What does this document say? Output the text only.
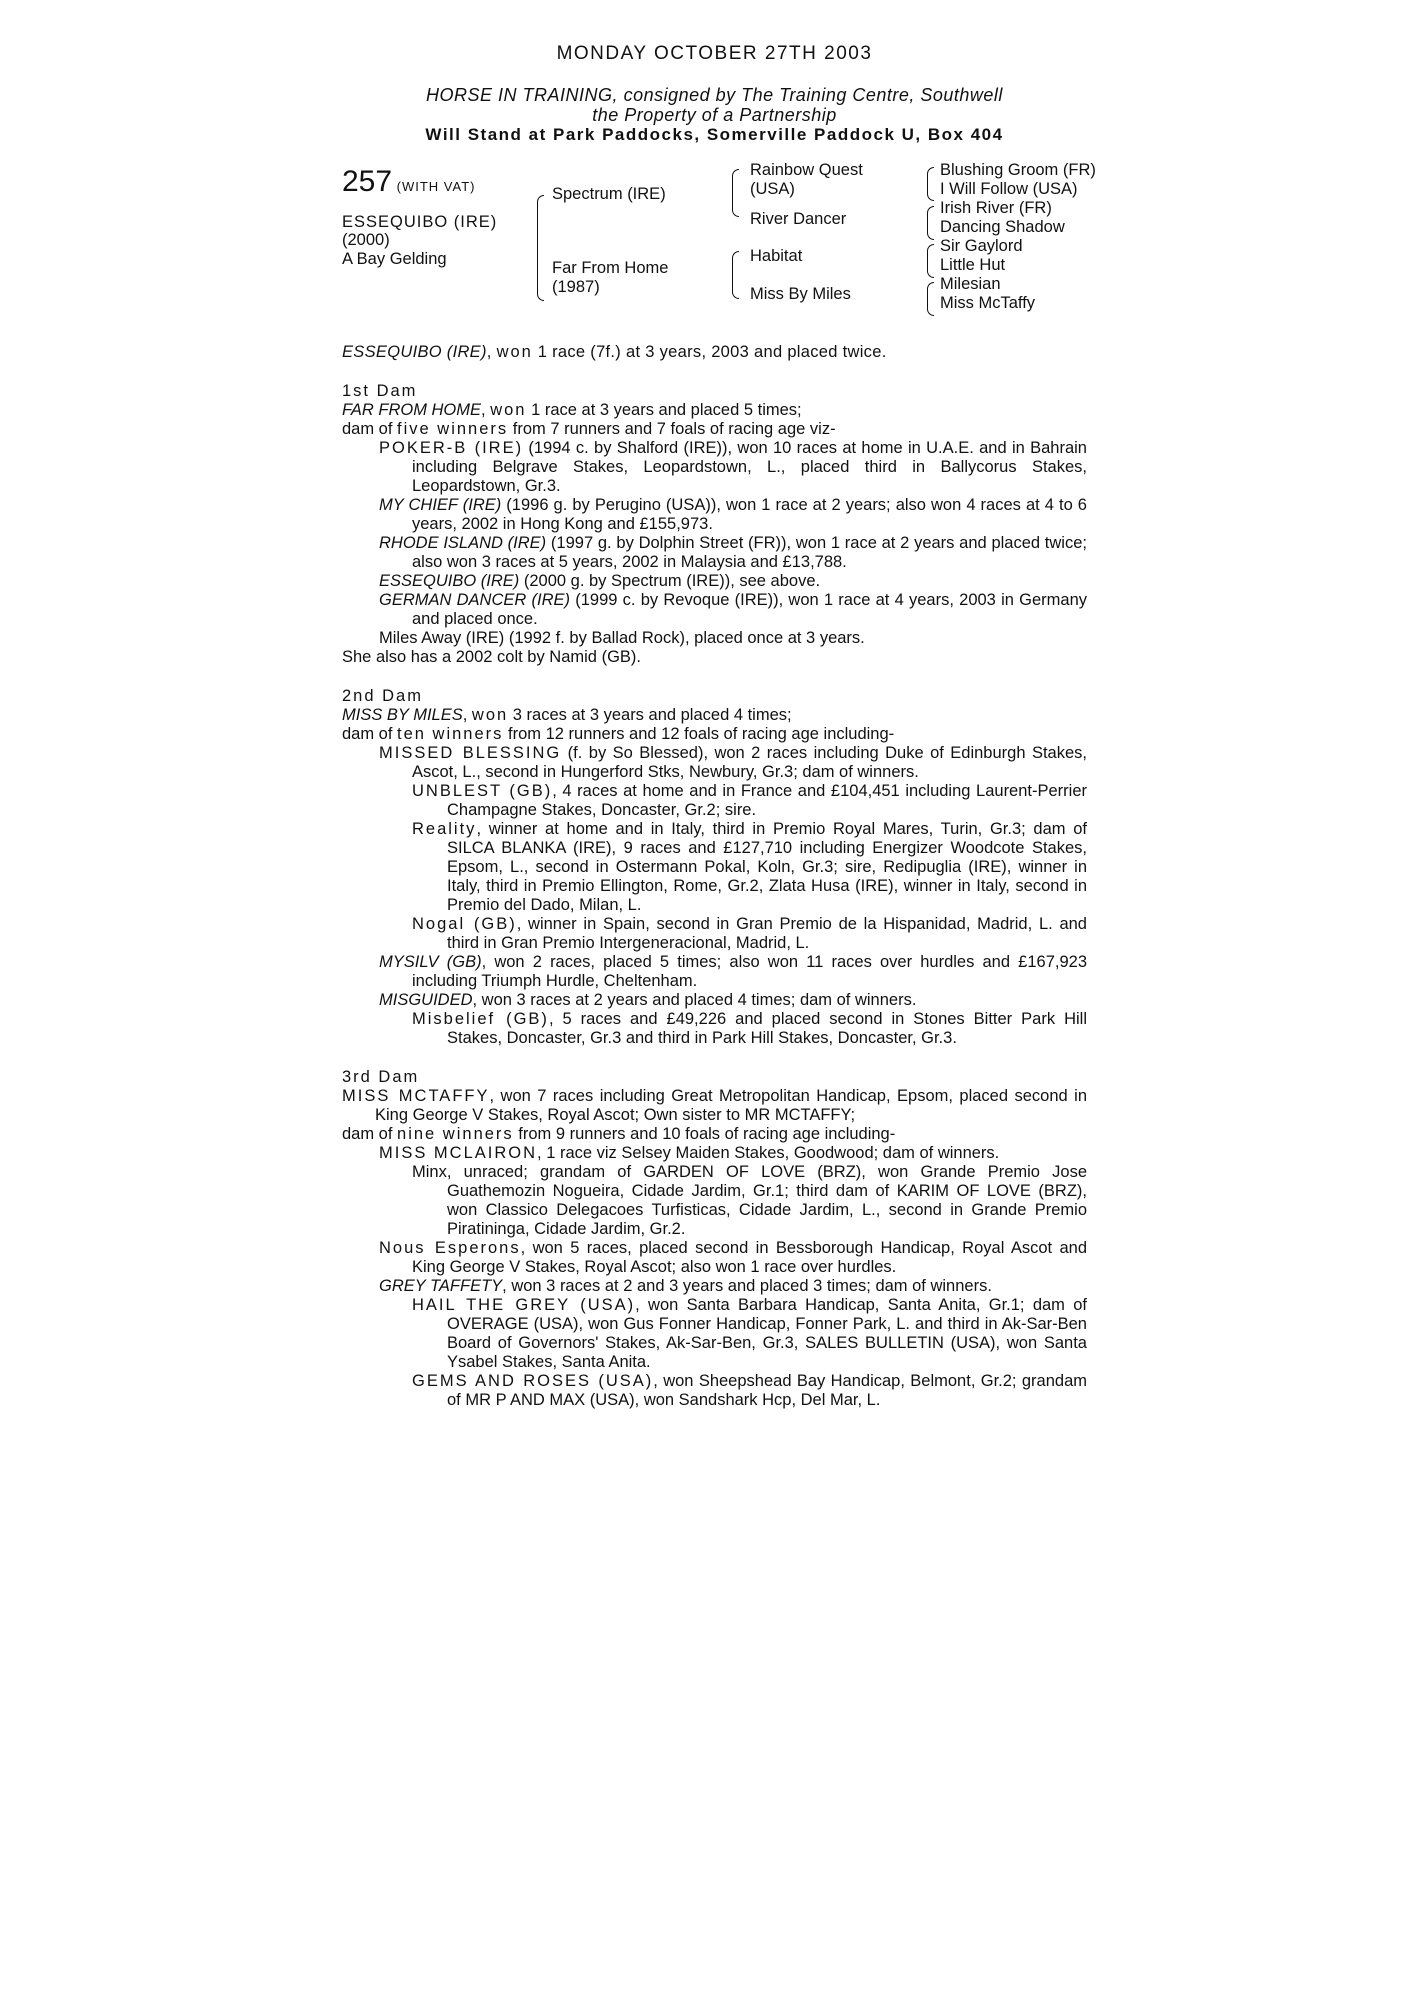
MONDAY OCTOBER 27TH 2003
HORSE IN TRAINING, consigned by The Training Centre, Southwell
the Property of a Partnership
Will Stand at Park Paddocks, Somerville Paddock U, Box 404
257 (WITH VAT)
ESSEQUIBO (IRE)
(2000)
A Bay Gelding
Spectrum (IRE)
Far From Home
(1987)
Rainbow Quest
(USA)
River Dancer
Habitat
Miss By Miles
Blushing Groom (FR)
I Will Follow (USA)
Irish River (FR)
Dancing Shadow
Sir Gaylord
Little Hut
Milesian
Miss McTaffy

ESSEQUIBO (IRE), won 1 race (7f.) at 3 years, 2003 and placed twice.

1st Dam

FAR FROM HOME, won 1 race at 3 years and placed 5 times;

dam of five winners from 7 runners and 7 foals of racing age viz-

POKER-B (IRE) (1994 c. by Shalford (IRE)), won 10 races at home in U.A.E. and in Bahrain including Belgrave Stakes, Leopardstown, L., placed third in Ballycorus Stakes, Leopardstown, Gr.3.

MY CHIEF (IRE) (1996 g. by Perugino (USA)), won 1 race at 2 years; also won 4 races at 4 to 6 years, 2002 in Hong Kong and £155,973.

RHODE ISLAND (IRE) (1997 g. by Dolphin Street (FR)), won 1 race at 2 years and placed twice; also won 3 races at 5 years, 2002 in Malaysia and £13,788.

ESSEQUIBO (IRE) (2000 g. by Spectrum (IRE)), see above.

GERMAN DANCER (IRE) (1999 c. by Revoque (IRE)), won 1 race at 4 years, 2003 in Germany and placed once.

Miles Away (IRE) (1992 f. by Ballad Rock), placed once at 3 years.

She also has a 2002 colt by Namid (GB).

2nd Dam

MISS BY MILES, won 3 races at 3 years and placed 4 times;

dam of ten winners from 12 runners and 12 foals of racing age including-

MISSED BLESSING (f. by So Blessed), won 2 races including Duke of Edinburgh Stakes, Ascot, L., second in Hungerford Stks, Newbury, Gr.3; dam of winners.

UNBLEST (GB), 4 races at home and in France and £104,451 including Laurent-Perrier Champagne Stakes, Doncaster, Gr.2; sire.

Reality, winner at home and in Italy, third in Premio Royal Mares, Turin, Gr.3; dam of SILCA BLANKA (IRE), 9 races and £127,710 including Energizer Woodcote Stakes, Epsom, L., second in Ostermann Pokal, Koln, Gr.3; sire, Redipuglia (IRE), winner in Italy, third in Premio Ellington, Rome, Gr.2, Zlata Husa (IRE), winner in Italy, second in Premio del Dado, Milan, L.

Nogal (GB), winner in Spain, second in Gran Premio de la Hispanidad, Madrid, L. and third in Gran Premio Intergeneracional, Madrid, L.

MYSILV (GB), won 2 races, placed 5 times; also won 11 races over hurdles and £167,923 including Triumph Hurdle, Cheltenham.

MISGUIDED, won 3 races at 2 years and placed 4 times; dam of winners.

Misbelief (GB), 5 races and £49,226 and placed second in Stones Bitter Park Hill Stakes, Doncaster, Gr.3 and third in Park Hill Stakes, Doncaster, Gr.3.

3rd Dam

MISS MCTAFFY, won 7 races including Great Metropolitan Handicap, Epsom, placed second in King George V Stakes, Royal Ascot; Own sister to MR MCTAFFY;

dam of nine winners from 9 runners and 10 foals of racing age including-

MISS MCLAIRON, 1 race viz Selsey Maiden Stakes, Goodwood; dam of winners.

Minx, unraced; grandam of GARDEN OF LOVE (BRZ), won Grande Premio Jose Guathemozin Nogueira, Cidade Jardim, Gr.1; third dam of KARIM OF LOVE (BRZ), won Classico Delegacoes Turfisticas, Cidade Jardim, L., second in Grande Premio Piratininga, Cidade Jardim, Gr.2.

Nous Esperons, won 5 races, placed second in Bessborough Handicap, Royal Ascot and King George V Stakes, Royal Ascot; also won 1 race over hurdles.

GREY TAFFETY, won 3 races at 2 and 3 years and placed 3 times; dam of winners.

HAIL THE GREY (USA), won Santa Barbara Handicap, Santa Anita, Gr.1; dam of OVERAGE (USA), won Gus Fonner Handicap, Fonner Park, L. and third in Ak-Sar-Ben Board of Governors' Stakes, Ak-Sar-Ben, Gr.3, SALES BULLETIN (USA), won Santa Ysabel Stakes, Santa Anita.

GEMS AND ROSES (USA), won Sheepshead Bay Handicap, Belmont, Gr.2; grandam of MR P AND MAX (USA), won Sandshark Hcp, Del Mar, L.
